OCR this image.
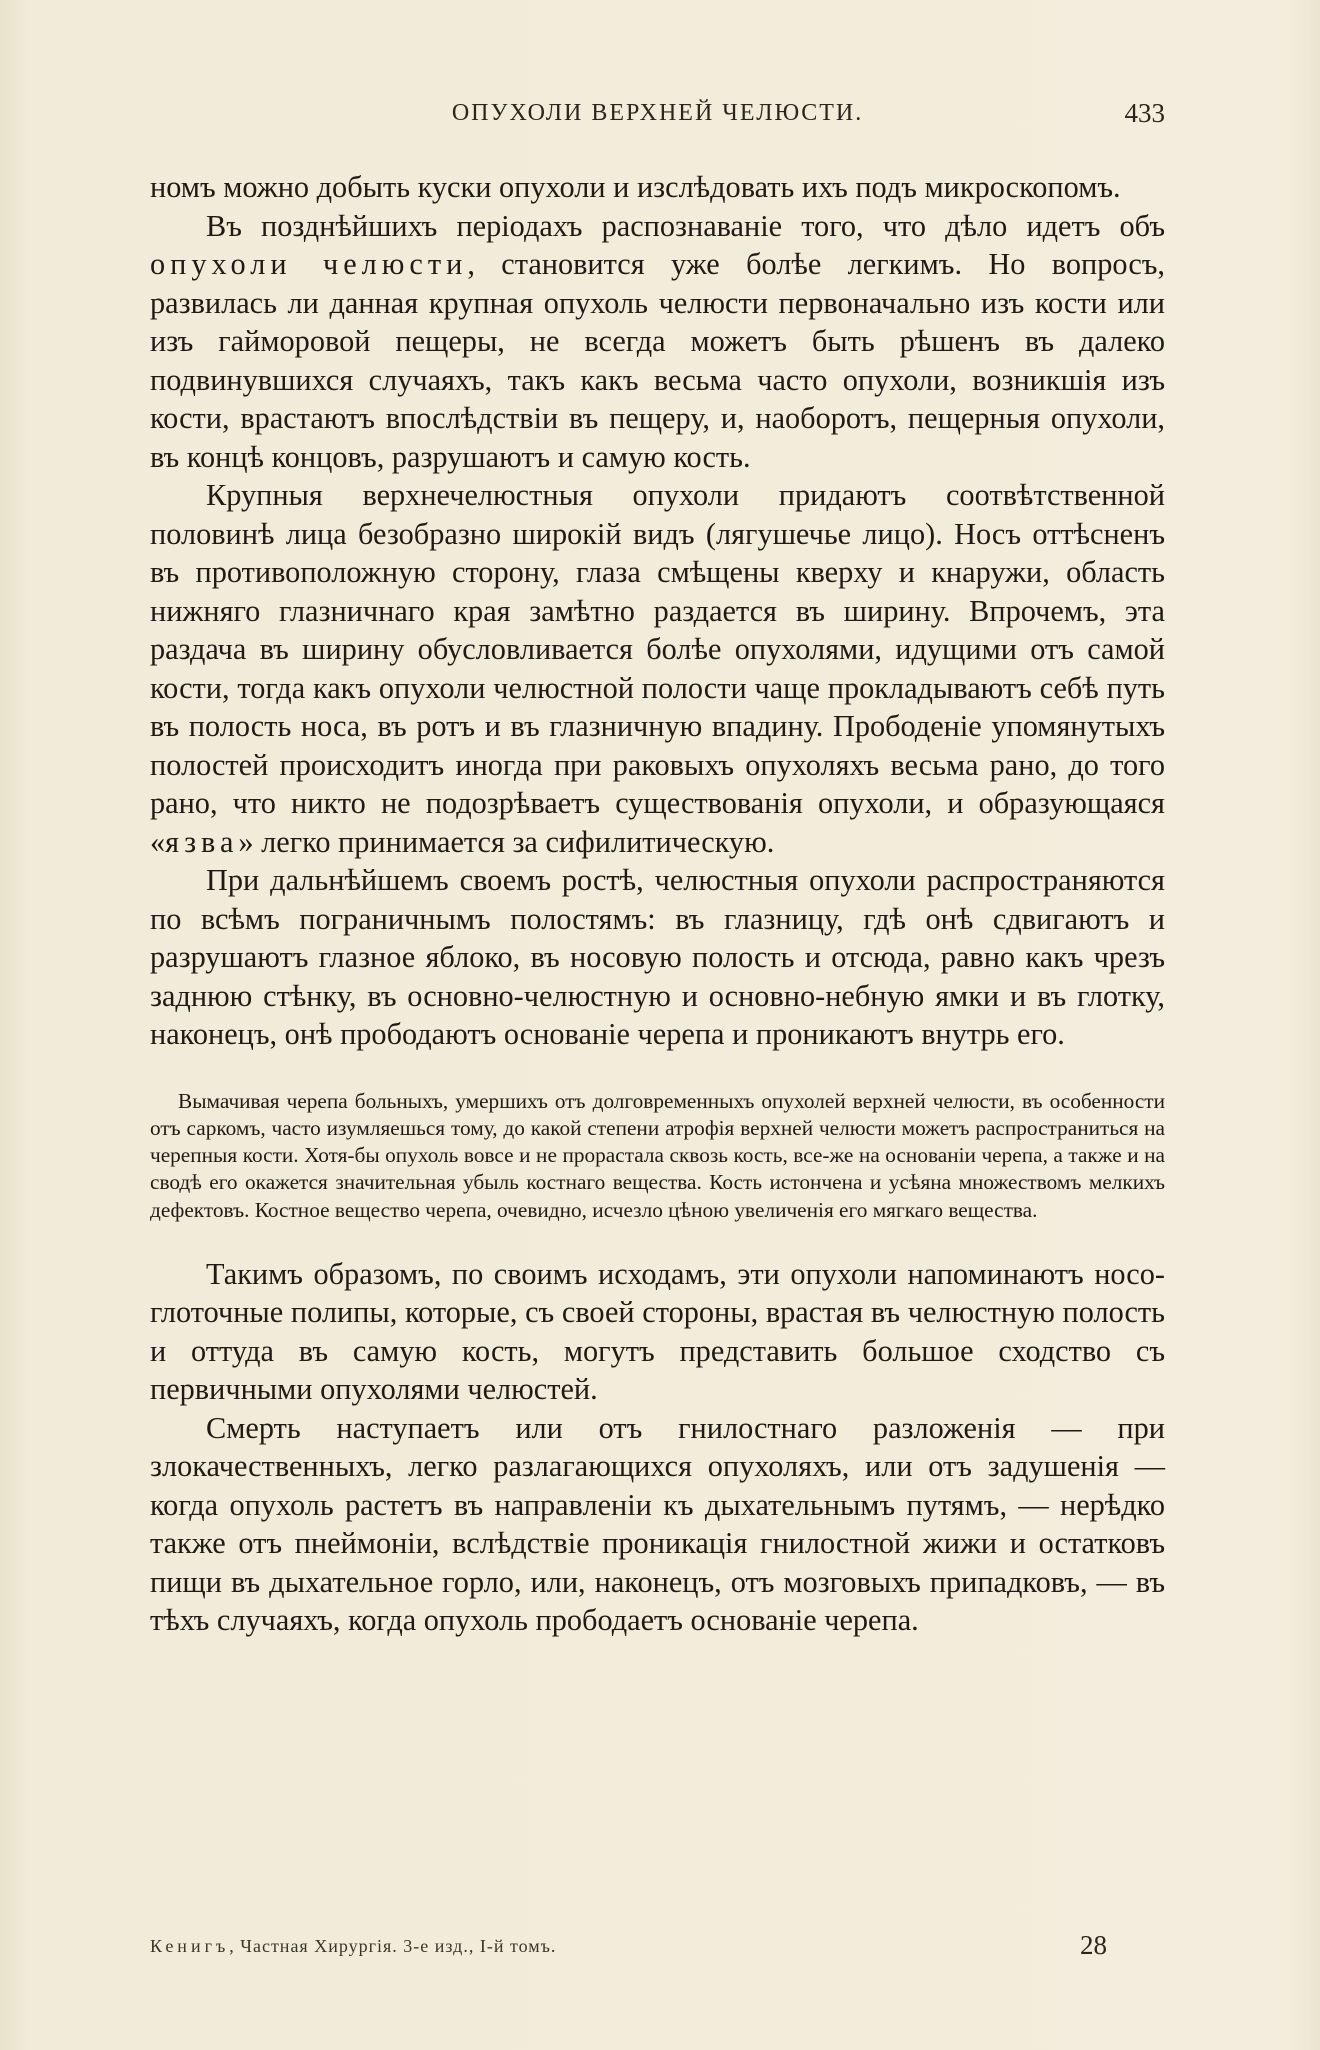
ОПУХОЛИ ВЕРХНЕЙ ЧЕЛЮСТИ.	433

номъ можно добыть куски опухоли и изслѣдовать ихъ подъ микроскопомъ.

Въ позднѣйшихъ періодахъ распознаваніе того, что дѣло идетъ объ опухоли челюсти, становится уже болѣе легкимъ. Но вопросъ, развилась ли данная крупная опухоль челюсти первоначально изъ кости или изъ гайморовой пещеры, не всегда можетъ быть рѣшенъ въ далеко подвинувшихся случаяхъ, такъ какъ весьма часто опухоли, возникшія изъ кости, врастаютъ впослѣдствіи въ пещеру, и, наоборотъ, пещерныя опухоли, въ концѣ концовъ, разрушаютъ и самую кость.

Крупныя верхнечелюстныя опухоли придаютъ соотвѣтственной половинѣ лица безобразно широкій видъ (лягушечье лицо). Носъ оттѣсненъ въ противоположную сторону, глаза смѣщены кверху и кнаружи, область нижняго глазничнаго края замѣтно раздается въ ширину. Впрочемъ, эта раздача въ ширину обусловливается болѣе опухолями, идущими отъ самой кости, тогда какъ опухоли челюстной полости чаще прокладываютъ себѣ путь въ полость носа, въ ротъ и въ глазничную впадину. Прободеніе упомянутыхъ полостей происходитъ иногда при раковыхъ опухоляхъ весьма рано, до того рано, что никто не подозрѣваетъ существованія опухоли, и образующаяся «язва» легко принимается за сифилитическую.

При дальнѣйшемъ своемъ ростѣ, челюстныя опухоли распространяются по всѣмъ пограничнымъ полостямъ: въ глазницу, гдѣ онѣ сдвигаютъ и разрушаютъ глазное яблоко, въ носовую полость и отсюда, равно какъ чрезъ заднюю стѣнку, въ основно-челюстную и основно-небную ямки и въ глотку, наконецъ, онѣ прободаютъ основаніе черепа и проникаютъ внутрь его.

Вымачивая черепа больныхъ, умершихъ отъ долговременныхъ опухолей верхней челюсти, въ особенности отъ саркомъ, часто изумляешься тому, до какой степени атрофія верхней челюсти можетъ распространиться на черепныя кости. Хотя-бы опухоль вовсе и не прорастала сквозь кость, все-же на основаніи черепа, а также и на сводѣ его окажется значительная убыль костнаго вещества. Кость истончена и усѣяна множествомъ мелкихъ дефектовъ. Костное вещество черепа, очевидно, исчезло цѣною увеличенія его мягкаго вещества.

Такимъ образомъ, по своимъ исходамъ, эти опухоли напоминаютъ носо-глоточные полипы, которые, съ своей стороны, врастая въ челюстную полость и оттуда въ самую кость, могутъ представить большое сходство съ первичными опухолями челюстей.

Смерть наступаетъ или отъ гнилостнаго разложенія — при злокачественныхъ, легко разлагающихся опухоляхъ, или отъ задушенія — когда опухоль растетъ въ направленіи къ дыхательнымъ путямъ, — нерѣдко также отъ пнеймоніи, вслѣдствіе проникація гнилостной жижи и остатковъ пищи въ дыхательное горло, или, наконецъ, отъ мозговыхъ припадковъ, — въ тѣхъ случаяхъ, когда опухоль прободаетъ основаніе черепа.

Кенигъ, Частная Хирургія. 3-е изд., I-й томъ.	28
